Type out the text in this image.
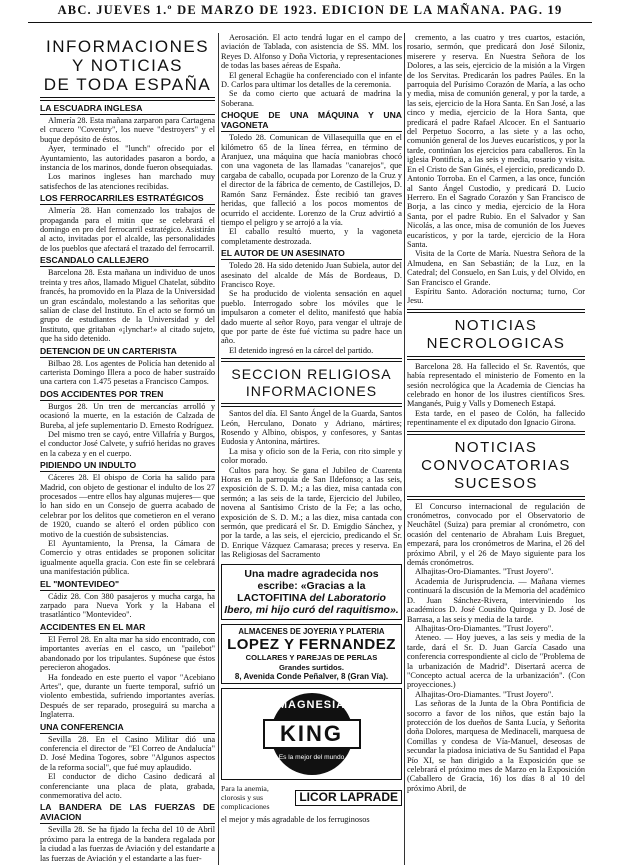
ABC. JUEVES 1.º DE MARZO DE 1923. EDICION DE LA MAÑANA. PAG. 19
INFORMACIONES
Y NOTICIAS
DE TODA ESPAÑA
LA ESCUADRA INGLESA

Almería 28. Esta mañana zarparon para Cartagena el crucero "Coventry", los nueve "destroyers" y el buque depósito de éstos.

Ayer, terminado el "lunch" ofrecido por el Ayuntamiento, las autoridades pasaron a bordo, a instancia de los marinos, donde fueron obsequiadas.

Los marinos ingleses han marchado muy satisfechos de las atenciones recibidas.

LOS FERROCARRILES ESTRATÉGICOS

Almería 28. Han comenzado los trabajos de propaganda para el mitin que se celebrará el domingo en pro del ferrocarril estratégico. Asistirán al acto, invitadas por el alcalde, las personalidades de los pueblos que afectará el trazado del ferrocarril.

ESCANDALO CALLEJERO

Barcelona 28. Esta mañana un individuo de unos treinta y tres años, llamado Miguel Chatelat, súbdito francés, ha promovido en la Plaza de la Universidad un gran escándalo, molestando a las señoritas que salían de clase del Instituto. En el acto se formó un grupo de estudiantes de la Universidad y del Instituto, que gritaban «¡lynchar!» al citado sujeto, que ha sido detenido.

DETENCION DE UN CARTERISTA

Bilbao 28. Los agentes de Policía han detenido al carterista Domingo Illera a poco de haber sustraído una cartera con 1.475 pesetas a Francisco Campos.

DOS ACCIDENTES POR TREN

Burgos 28. Un tren de mercancías arrolló y ocasionó la muerte, en la estación de Calzada de Bureba, al jefe suplementario D. Ernesto Rodríguez.

Del mismo tren se cayó, entre Villafría y Burgos, el conductor José Calvete, y sufrió heridas no graves en la cabeza y en el cuerpo.

PIDIENDO UN INDULTO

Cáceres 28. El obispo de Coria ha salido para Madrid, con objeto de gestionar el indulto de los 27 procesados —entre ellos hay algunas mujeres— que lo han sido en un Consejo de guerra acabado de celebrar por los delitos que cometieron en el verano de 1920, cuando se alteró el orden público con motivo de la cuestión de subsistencias.

El Ayuntamiento, la Prensa, la Cámara de Comercio y otras entidades se proponen solicitar igualmente aquella gracia. Con este fin se celebrará una manifestación pública.

EL "MONTEVIDEO"

Cádiz 28. Con 380 pasajeros y mucha carga, ha zarpado para Nueva York y la Habana el trasatlántico "Montevideo".

ACCIDENTES EN EL MAR

El Ferrol 28. En alta mar ha sido encontrado, con importantes averías en el casco, un "pailebot" abandonado por los tripulantes. Supónese que éstos perecieron ahogados.

Ha fondeado en este puerto el vapor "Acebiano Artes", que, durante un fuerte temporal, sufrió un violento embestida, sufriendo importantes averías. Después de ser reparado, proseguirá su marcha a Inglaterra.

UNA CONFERENCIA

Sevilla 28. En el Casino Militar dió una conferencia el director de "El Correo de Andalucía" D. José Medina Togores, sobre "Algunos aspectos de la reforma social", que fué muy aplaudido.

El conductor de dicho Casino dedicará al conferenciante una placa de plata, grabada, conmemorativa del acto.

LA BANDERA DE LAS FUERZAS DE AVIACION

Sevilla 28. Se ha fijado la fecha del 10 de Abril próximo para la entrega de la bandera regalada por la ciudad a las fuerzas de Aviación y del estandarte a las fuerzas de Aviación y el estandarte a las fuer-

Aerosación. El acto tendrá lugar en el campo de aviación de Tablada, con asistencia de SS. MM. los Reyes D. Alfonso y Doña Victoria, y representaciones de todas las bases aéreas de España.

El general Echagüe ha conferenciado con el infante D. Carlos para ultimar los detalles de la ceremonia.

Se da como cierto que actuará de madrina la Soberana.

CHOQUE DE UNA MÁQUINA Y UNA VAGONETA

Toledo 28. Comunican de Villasequilla que en el kilómetro 65 de la línea férrea, en término de Aranjuez, una máquina que hacía maniobras chocó con una vagoneta de las llamadas "canarejos", que cargaba de caballo, ocupada por Lorenzo de la Cruz y el director de la fábrica de cemento, de Castillejos, D. Ramón Sanz Fernández. Éste recibió tan graves heridas, que falleció a los pocos momentos de ocurrido el accidente. Lorenzo de la Cruz advirtió a tiempo el peligro y se arrojó a la vía.

El caballo resultó muerto, y la vagoneta completamente destrozada.

EL AUTOR DE UN ASESINATO

Toledo 28. Ha sido detenido Juan Subiela, autor del asesinato del alcalde de Más de Bordeaus, D. Francisco Roye.

Se ha producido de violenta sensación en aquel pueblo. Interrogado sobre los móviles que le impulsaron a cometer el delito, manifestó que había dado muerte al señor Royo, para vengar el ultraje de que por parte de éste fué víctima su padre hace un año.

El detenido ingresó en la cárcel del partido.

SECCION RELIGIOSA
INFORMACIONES

Santos del día. El Santo Ángel de la Guarda, Santos León, Herculano, Donato y Adriano, mártires; Rosendo y Albino, obispos, y confesores, y Santas Eudosia y Antonina, mártires.

La misa y oficio son de la Feria, con rito simple y color morado.

Cultos para hoy. Se gana el Jubileo de Cuarenta Horas en la parroquia de San Ildefonso; a las seis, exposición de S. D. M.; a las diez, misa cantada con sermón; a las seis de la tarde, Ejercicio del Jubileo, novena al Santísimo Cristo de la Fe; a las ocho, exposición de S. D. M.; a las diez, misa cantada con sermón, que predicará el Sr. D. Emigdio Sánchez, y por la tarde, a las seis, el ejercicio, predicando el Sr. D. Enrique Vázquez Camarasa; preces y reserva. En las Religiosas del Sacramento

Una madre agradecida nos escribe: «Gracias a la LACTOFITINA del Laboratorio Ibero, mi hijo curó del raquitismo».
ALMACENES DE JOYERIA Y PLATERIA
LOPEZ Y FERNANDEZ
COLLARES Y PAREJAS DE PERLAS
Grandes surtidos.
8, Avenida Conde Peñalver, 8 (Gran Vía).
MAGNESIA
KING
Es la mejor del mundo
Para la anemia, clorosis y sus complicaciones
LICOR LAPRADE
el mejor y más agradable de los ferruginosos

cremento, a las cuatro y tres cuartos, estación, rosario, sermón, que predicará don José Siloniz, miserere y reserva. En Nuestra Señora de los Dolores, a las seis, ejercicio de la misión a la Virgen de los Servitas. Predicarán los padres Paúles. En la parroquia del Purísimo Corazón de María, a las ocho y media, misa de comunión general, y por la tarde, a las seis, ejercicio de la Hora Santa. En San José, a las cinco y media, ejercicio de la Hora Santa, que predicará el padre Rafael Alcocer. En el Santuario del Perpetuo Socorro, a las siete y a las ocho, comunión general de los Jueves eucarísticos, y por la tarde, continúan los ejercicios para caballeros. En la iglesia Pontificia, a las seis y media, rosario y visita. En el Cristo de San Ginés, el ejercicio, predicando D. Antonio Torroba. En el Carmen, a las once, función al Santo Ángel Custodio, y predicará D. Lucio Herrero. En el Sagrado Corazón y San Francisco de Borja, a las cinco y media, ejercicio de la Hora Santa, por el padre Rubio. En el Salvador y San Nicolás, a las once, misa de comunión de los Jueves eucarísticos, y por la tarde, ejercicio de la Hora Santa.

Visita de la Corte de María. Nuestra Señora de la Almudena, en San Sebastián; de la Luz, en la Catedral; del Consuelo, en San Luis, y del Olvido, en San Francisco el Grande.

Espíritu Santo. Adoración nocturna; turno, Cor Jesu.

NOTICIAS
NECROLOGICAS

Barcelona 28. Ha fallecido el Sr. Raventós, que había representado el ministerio de Fomento en la sesión necrológica que la Academia de Ciencias ha celebrado en honor de los ilustres científicos Sres. Manganés, Puig y Valls y Domenech Estapá.

Esta tarde, en el paseo de Colón, ha fallecido repentinamente el ex diputado don Ignacio Girona.

NOTICIAS
CONVOCATORIAS
SUCESOS

El Concurso internacional de regulación de cronómetros, convocado por el Observatorio de Neuchâtel (Suiza) para premiar al cronómetro, con ocasión del centenario de Abraham Luis Breguet, empezará, para los cronómetros de Marina, el 26 del próximo Abril, y el 26 de Mayo siguiente para los demás cronómetros.

Alhajitas-Oro-Diamantes. "Trust Joyero".

Academia de Jurisprudencia. — Mañana viernes continuará la discusión de la Memoria del académico D. Juan Sánchez-Rivera, interviniendo los académicos D. José Cousiño Quiroga y D. José de Barrasa, a las seis y media de la tarde.

Alhajitas-Oro-Diamantes. "Trust Joyero".

Ateneo. — Hoy jueves, a las seis y media de la tarde, dará el Sr. D. Juan García Casado una conferencia correspondiente al ciclo de "Problema de la urbanización de Madrid". Disertará acerca de "Concepto actual acerca de la urbanización". (Con proyecciones.)

Alhajitas-Oro-Diamantes. "Trust Joyero".

Las señoras de la Junta de la Obra Pontificia de socorro a favor de los niños, que están bajo la protección de los dueños de Santa Lucía, y Señorita doña Dolores, marquesa de Medinaceli, marquesa de Comillas y condesa de Vía-Manuel, deseosas de secundar la piadosa iniciativa de Su Santidad el Papa Pío XI, se han dirigido a la Exposición que se celebrará el próximo mes de Marzo en la Exposición (Caballero de Gracia, 16) los días 8 al 10 del próximo Abril, de
